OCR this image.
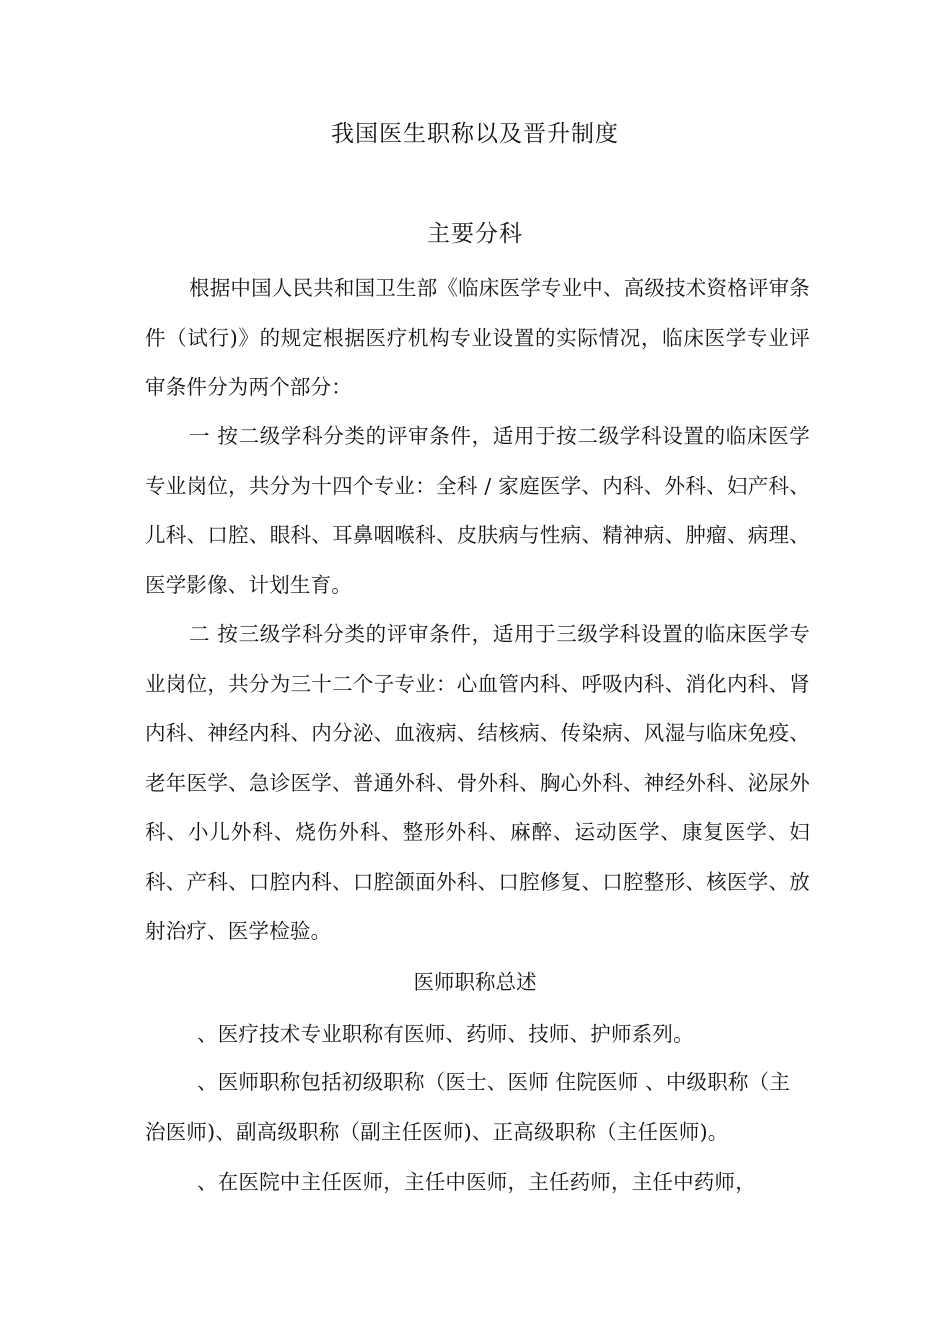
我国医生职称以及晋升制度
主要分科

根据中国人民共和国卫生部《临床医学专业中、高级技术资格评审条件（试行)》的规定根据医疗机构专业设置的实际情况，临床医学专业评审条件分为两个部分：

一 按二级学科分类的评审条件，适用于按二级学科设置的临床医学专业岗位，共分为十四个专业：全科 / 家庭医学、内科、外科、妇产科、儿科、口腔、眼科、耳鼻咽喉科、皮肤病与性病、精神病、肿瘤、病理、医学影像、计划生育。

二 按三级学科分类的评审条件，适用于三级学科设置的临床医学专业岗位，共分为三十二个子专业：心血管内科、呼吸内科、消化内科、肾内科、神经内科、内分泌、血液病、结核病、传染病、风湿与临床免疫、老年医学、急诊医学、普通外科、骨外科、胸心外科、神经外科、泌尿外科、小儿外科、烧伤外科、整形外科、麻醉、运动医学、康复医学、妇科、产科、口腔内科、口腔颌面外科、口腔修复、口腔整形、核医学、放射治疗、医学检验。

医师职称总述

、医疗技术专业职称有医师、药师、技师、护师系列。

、医师职称包括初级职称（医士、医师 住院医师 、中级职称（主治医师)、副高级职称（副主任医师)、正高级职称（主任医师)。

、在医院中主任医师，主任中医师，主任药师，主任中药师，
